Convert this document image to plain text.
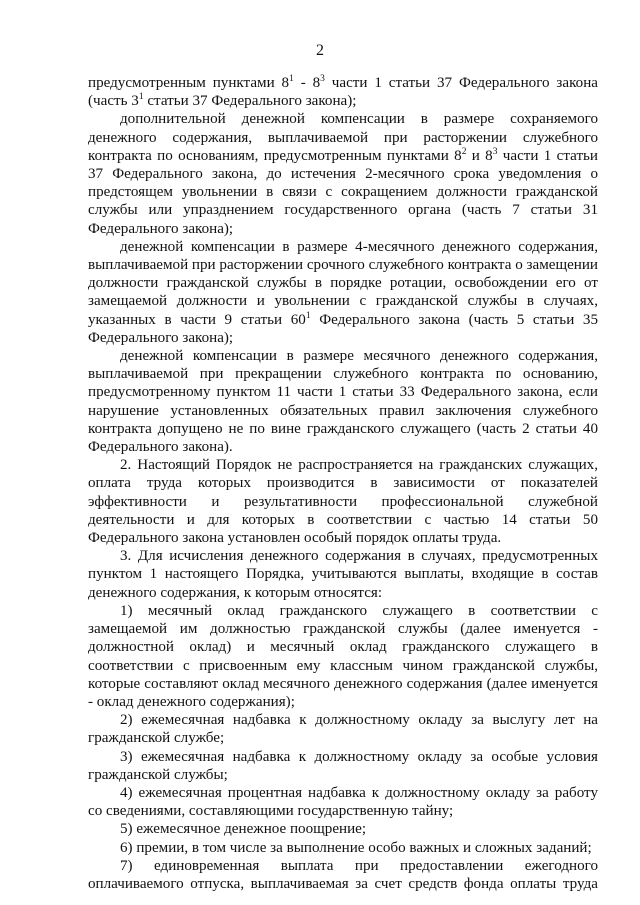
2

предусмотренным пунктами $8^1 - 8^3$ части 1 статьи 37 Федерального закона (часть $3^1$ статьи 37 Федерального закона);

дополнительной денежной компенсации в размере сохраняемого денежного содержания, выплачиваемой при расторжении служебного контракта по основаниям, предусмотренным пунктами $8^2$ и $8^3$ части 1 статьи 37 Федерального закона, до истечения 2-месячного срока уведомления о предстоящем увольнении в связи с сокращением должности гражданской службы или упразднением государственного органа (часть 7 статьи 31 Федерального закона);

денежной компенсации в размере 4-месячного денежного содержания, выплачиваемой при расторжении срочного служебного контракта о замещении должности гражданской службы в порядке ротации, освобождении его от замещаемой должности и увольнении с гражданской службы в случаях, указанных в части 9 статьи $60^1$ Федерального закона (часть 5 статьи 35 Федерального закона);

денежной компенсации в размере месячного денежного содержания, выплачиваемой при прекращении служебного контракта по основанию, предусмотренному пунктом 11 части 1 статьи 33 Федерального закона, если нарушение установленных обязательных правил заключения служебного контракта допущено не по вине гражданского служащего (часть 2 статьи 40 Федерального закона).

2. Настоящий Порядок не распространяется на гражданских служащих, оплата труда которых производится в зависимости от показателей эффективности и результативности профессиональной служебной деятельности и для которых в соответствии с частью 14 статьи 50 Федерального закона установлен особый порядок оплаты труда.

3. Для исчисления денежного содержания в случаях, предусмотренных пунктом 1 настоящего Порядка, учитываются выплаты, входящие в состав денежного содержания, к которым относятся:

1) месячный оклад гражданского служащего в соответствии с замещаемой им должностью гражданской службы (далее именуется - должностной оклад) и месячный оклад гражданского служащего в соответствии с присвоенным ему классным чином гражданской службы, которые составляют оклад месячного денежного содержания (далее именуется - оклад денежного содержания);

2) ежемесячная надбавка к должностному окладу за выслугу лет на гражданской службе;

3) ежемесячная надбавка к должностному окладу за особые условия гражданской службы;

4) ежемесячная процентная надбавка к должностному окладу за работу со сведениями, составляющими государственную тайну;

5) ежемесячное денежное поощрение;

6) премии, в том числе за выполнение особо важных и сложных заданий;

7) единовременная выплата при предоставлении ежегодного оплачиваемого отпуска, выплачиваемая за счет средств фонда оплаты труда
